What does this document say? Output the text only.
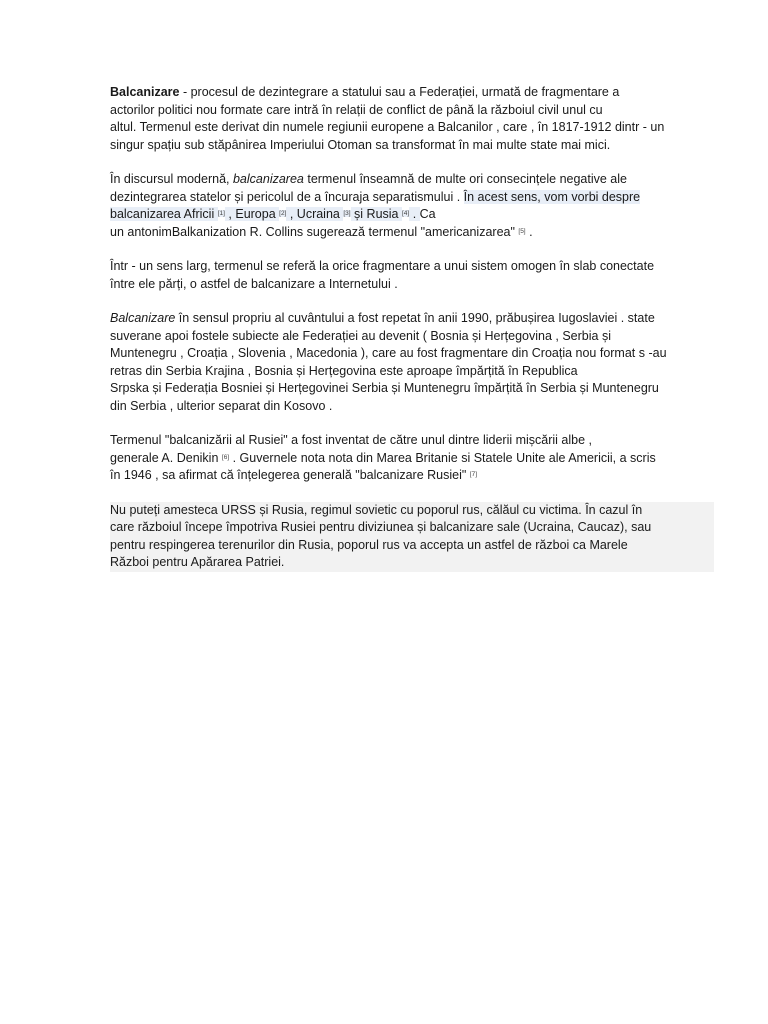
Balcanizare - procesul de dezintegrare a statului sau a Federației, urmată de fragmentare a
actorilor politici nou formate care intră în relații de conflict de până la războiul civil unul cu
altul. Termenul este derivat din numele regiunii europene a Balcanilor , care , în 1817-1912 dintr - un
singur spațiu sub stăpânirea Imperiului Otoman sa transformat în mai multe state mai mici.

În discursul modernă, balcanizarea termenul înseamnă de multe ori consecințele negative ale
dezintegrarea statelor și pericolul de a încuraja separatismului . În acest sens, vom vorbi despre
balcanizarea Africii [1] , Europa [2] , Ucraina [3] și Rusia [4] . Ca
un antonimBalkanization R. Collins sugerează termenul "americanizarea" [5] .

Într - un sens larg, termenul se referă la orice fragmentare a unui sistem omogen în slab conectate
între ele părți, o astfel de balcanizare a Internetului .

Balcanizare în sensul propriu al cuvântului a fost repetat în anii 1990, prăbușirea Iugoslaviei . state
suverane apoi fostele subiecte ale Federației au devenit ( Bosnia și Herțegovina , Serbia și
Muntenegru , Croația , Slovenia , Macedonia ), care au fost fragmentare din Croația nou format s -au
retras din Serbia Krajina , Bosnia și Herțegovina este aproape împărțită în Republica
Srpska și Federația Bosniei și Herțegovinei Serbia și Muntenegru împărțită în Serbia și Muntenegru
din Serbia , ulterior separat din Kosovo .

Termenul "balcanizării al Rusiei" a fost inventat de către unul dintre liderii mișcării albe ,
generale A. Denikin [6] . Guvernele nota nota din Marea Britanie si Statele Unite ale Americii, a scris
în 1946 , sa afirmat că înțelegerea generală "balcanizare Rusiei" [7]

Nu puteți amesteca URSS și Rusia, regimul sovietic cu poporul rus, călăul cu victima. În cazul în
care războiul începe împotriva Rusiei pentru diviziunea și balcanizare sale (Ucraina, Caucaz), sau
pentru respingerea terenurilor din Rusia, poporul rus va accepta un astfel de război ca Marele
Război pentru Apărarea Patriei.
